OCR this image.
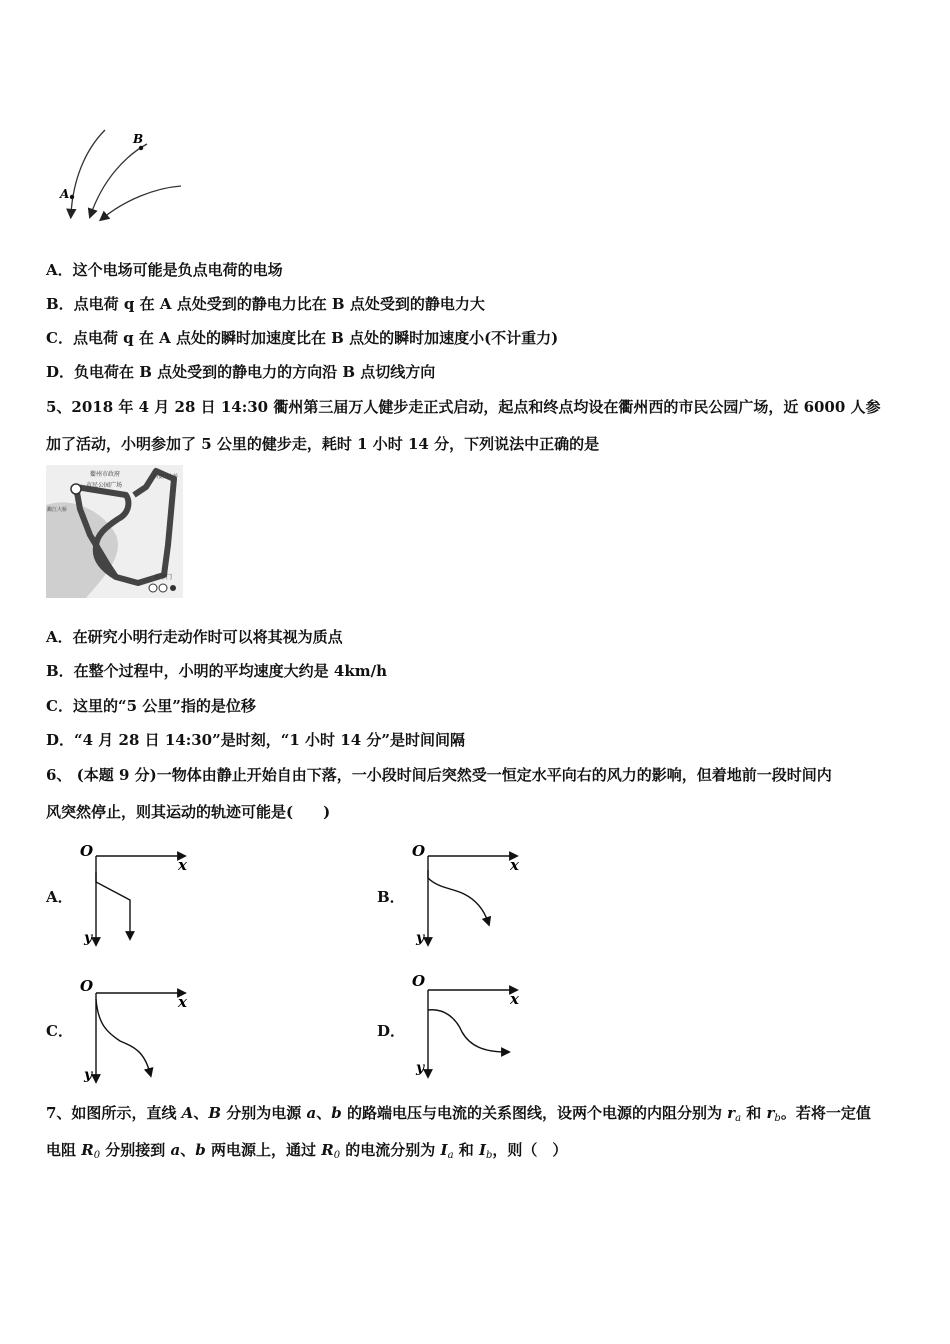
A
B
A．这个电场可能是负点电荷的电场
B．点电荷 q 在 A 点处受到的静电力比在 B 点处受到的静电力大
C．点电荷 q 在 A 点处的瞬时加速度比在 B 点处的瞬时加速度小(不计重力)
D．负电荷在 B 点处受到的静电力的方向沿 B 点切线方向
5、2018 年 4 月 28 日 14:30 衢州第三届万人健步走正式启动，起点和终点均设在衢州西的市民公园广场，近 6000 人参
加了活动，小明参加了 5 公里的健步走，耗时 1 小时 14 分，下列说法中正确的是
衢州市政府
市民公园广场
西安门大桥
衢江大桥
水亭门
A．在研究小明行走动作时可以将其视为质点
B．在整个过程中，小明的平均速度大约是 4km/h
C．这里的“5 公里”指的是位移
D．“4 月 28 日 14:30”是时刻，“1 小时 14 分”是时间间隔
6、 (本题 9 分)一物体由静止开始自由下落，一小段时间后突然受一恒定水平向右的风力的影响，但着地前一段时间内
风突然停止，则其运动的轨迹可能是(　　)
A．	B．
C．	D．
O
x
y
O
x
y
O
x
y
O
x
y
7、如图所示，直线 A、B 分别为电源 a、b 的路端电压与电流的关系图线，设两个电源的内阻分别为 $r_a$ 和 $r_b$。若将一定值
电阻 $R_0$ 分别接到 a、b 两电源上，通过 $R_0$ 的电流分别为 $I_a$ 和 $I_b$，则（　）
